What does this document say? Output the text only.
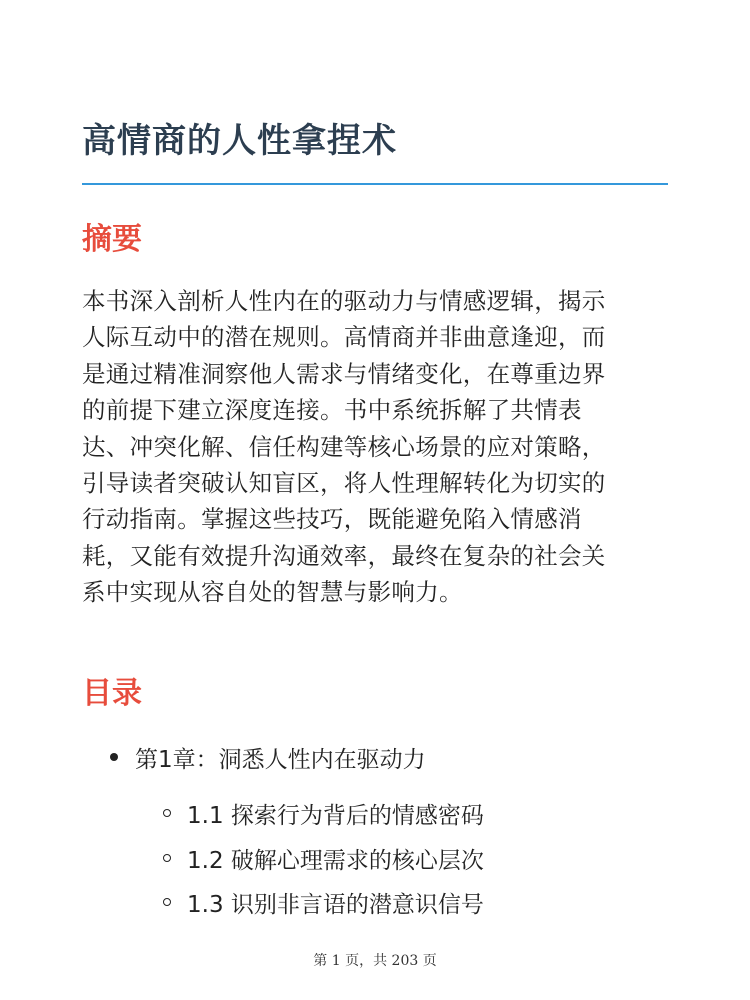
高情商的人性拿捏术
摘要

本书深入剖析人性内在的驱动力与情感逻辑，揭示
人际互动中的潜在规则。高情商并非曲意逢迎，而
是通过精准洞察他人需求与情绪变化，在尊重边界
的前提下建立深度连接。书中系统拆解了共情表
达、冲突化解、信任构建等核心场景的应对策略，
引导读者突破认知盲区，将人性理解转化为切实的
行动指南。掌握这些技巧，既能避免陷入情感消
耗，又能有效提升沟通效率，最终在复杂的社会关
系中实现从容自处的智慧与影响力。

目录
第1章：洞悉人性内在驱动力
1.1 探索行为背后的情感密码
1.2 破解心理需求的核心层次
1.3 识别非言语的潜意识信号
第 1 页，共 203 页
